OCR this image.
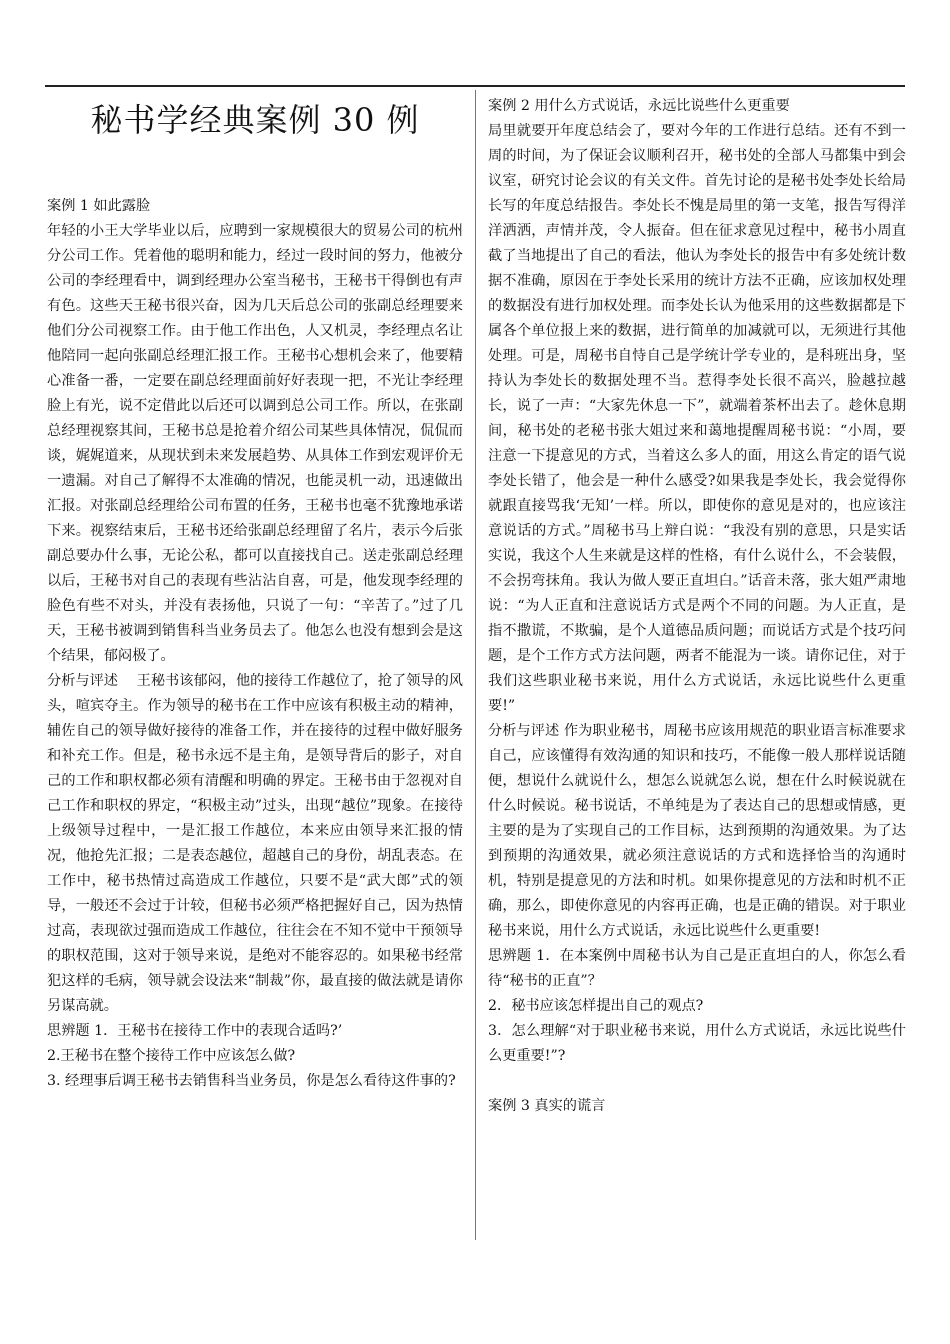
秘书学经典案例 30 例

案例 1 如此露脸

年轻的小王大学毕业以后，应聘到一家规模很大的贸易公司的杭州分公司工作。凭着他的聪明和能力，经过一段时间的努力，他被分公司的李经理看中，调到经理办公室当秘书，王秘书干得倒也有声有色。这些天王秘书很兴奋，因为几天后总公司的张副总经理要来他们分公司视察工作。由于他工作出色，人又机灵，李经理点名让他陪同一起向张副总经理汇报工作。王秘书心想机会来了，他要精心准备一番，一定要在副总经理面前好好表现一把，不光让李经理脸上有光，说不定借此以后还可以调到总公司工作。所以，在张副总经理视察其间，王秘书总是抢着介绍公司某些具体情况，侃侃而谈，娓娓道来，从现状到未来发展趋势、从具体工作到宏观评价无一遗漏。对自己了解得不太准确的情况，也能灵机一动，迅速做出汇报。对张副总经理给公司布置的任务，王秘书也毫不犹豫地承诺下来。视察结束后，王秘书还给张副总经理留了名片，表示今后张副总要办什么事，无论公私，都可以直接找自己。送走张副总经理以后，王秘书对自己的表现有些沾沾自喜，可是，他发现李经理的脸色有些不对头，并没有表扬他，只说了一句：“辛苦了。”过了几天，王秘书被调到销售科当业务员去了。他怎么也没有想到会是这个结果，郁闷极了。

分析与评述　 王秘书该郁闷，他的接待工作越位了，抢了领导的风头，喧宾夺主。作为领导的秘书在工作中应该有积极主动的精神，辅佐自己的领导做好接待的准备工作，并在接待的过程中做好服务和补充工作。但是，秘书永远不是主角，是领导背后的影子，对自己的工作和职权都必须有清醒和明确的界定。王秘书由于忽视对自己工作和职权的界定，“积极主动”过头，出现“越位”现象。在接待上级领导过程中，一是汇报工作越位，本来应由领导来汇报的情况，他抢先汇报；二是表态越位，超越自己的身份，胡乱表态。在工作中，秘书热情过高造成工作越位，只要不是“武大郎”式的领导，一般还不会过于计较，但秘书必须严格把握好自己，因为热情过高，表现欲过强而造成工作越位，往往会在不知不觉中干预领导的职权范围，这对于领导来说，是绝对不能容忍的。如果秘书经常犯这样的毛病，领导就会设法来“制裁”你，最直接的做法就是请你另谋高就。

思辨题 1．王秘书在接待工作中的表现合适吗?’

2.王秘书在整个接待工作中应该怎么做?

3. 经理事后调王秘书去销售科当业务员，你是怎么看待这件事的?

案例 2 用什么方式说话，永远比说些什么更重要

局里就要开年度总结会了，要对今年的工作进行总结。还有不到一周的时间，为了保证会议顺利召开，秘书处的全部人马都集中到会议室，研究讨论会议的有关文件。首先讨论的是秘书处李处长给局长写的年度总结报告。李处长不愧是局里的第一支笔，报告写得洋洋洒洒，声情并茂，令人振奋。但在征求意见过程中，秘书小周直截了当地提出了自己的看法，他认为李处长的报告中有多处统计数据不准确，原因在于李处长采用的统计方法不正确，应该加权处理的数据没有进行加权处理。而李处长认为他采用的这些数据都是下属各个单位报上来的数据，进行简单的加减就可以，无须进行其他处理。可是，周秘书自恃自己是学统计学专业的，是科班出身，坚持认为李处长的数据处理不当。惹得李处长很不高兴，脸越拉越长，说了一声：“大家先休息一下”，就端着茶杯出去了。趁休息期间，秘书处的老秘书张大姐过来和蔼地提醒周秘书说：“小周，要注意一下提意见的方式，当着这么多人的面，用这么肯定的语气说李处长错了，他会是一种什么感受?如果我是李处长，我会觉得你就跟直接骂我‘无知’一样。所以，即使你的意见是对的，也应该注意说话的方式。”周秘书马上辩白说：“我没有别的意思，只是实话实说，我这个人生来就是这样的性格，有什么说什么，不会装假，不会拐弯抹角。我认为做人要正直坦白。”话音未落，张大姐严肃地说：“为人正直和注意说话方式是两个不同的问题。为人正直，是指不撒谎，不欺骗，是个人道德品质问题；而说话方式是个技巧问题，是个工作方式方法问题，两者不能混为一谈。请你记住，对于我们这些职业秘书来说，用什么方式说话，永远比说些什么更重要!”

分析与评述 作为职业秘书，周秘书应该用规范的职业语言标准要求自己，应该懂得有效沟通的知识和技巧，不能像一般人那样说话随便，想说什么就说什么，想怎么说就怎么说，想在什么时候说就在什么时候说。秘书说话，不单纯是为了表达自己的思想或情感，更主要的是为了实现自己的工作目标，达到预期的沟通效果。为了达到预期的沟通效果，就必须注意说话的方式和选择恰当的沟通时机，特别是提意见的方法和时机。如果你提意见的方法和时机不正确，那么，即使你意见的内容再正确，也是正确的错误。对于职业秘书来说，用什么方式说话，永远比说些什么更重要!

思辨题 1．在本案例中周秘书认为自己是正直坦白的人，你怎么看待“秘书的正直”？

2．秘书应该怎样提出自己的观点?

3．怎么理解“对于职业秘书来说，用什么方式说话，永远比说些什么更重要!”?

案例 3 真实的谎言
